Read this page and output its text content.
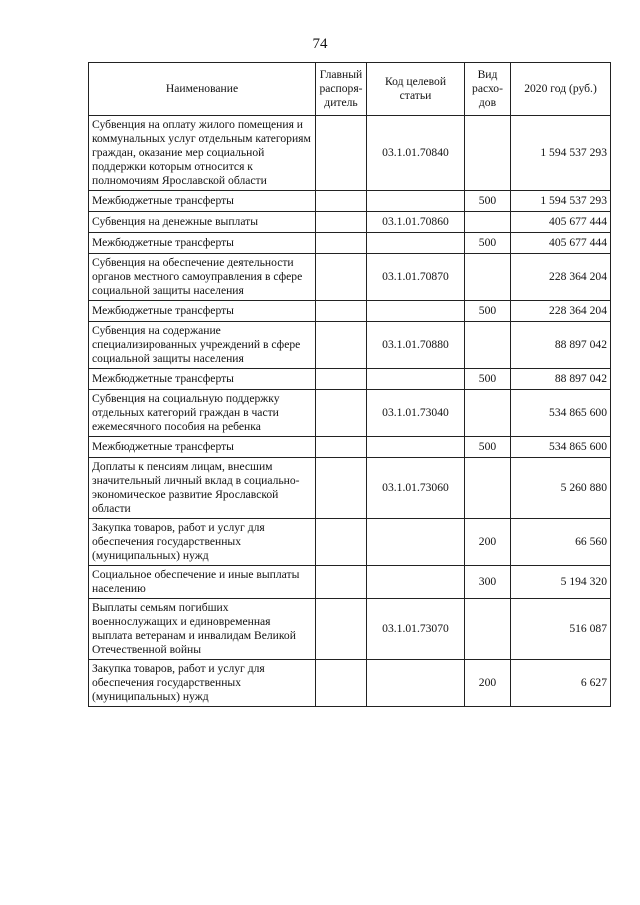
74
Наименование	Главный распоря-дитель	Код целевой статьи	Вид расхо-дов	2020 год (руб.)
Субвенция на оплату жилого помещения и коммунальных услуг отдельным категориям граждан, оказание мер социальной поддержки которым относится к полномочиям Ярославской области		03.1.01.70840		1 594 537 293
Межбюджетные трансферты			500	1 594 537 293
Субвенция на денежные выплаты		03.1.01.70860		405 677 444
Межбюджетные трансферты			500	405 677 444
Субвенция на обеспечение деятельности органов местного самоуправления в сфере социальной защиты населения		03.1.01.70870		228 364 204
Межбюджетные трансферты			500	228 364 204
Субвенция на содержание специализированных учреждений в сфере социальной защиты населения		03.1.01.70880		88 897 042
Межбюджетные трансферты			500	88 897 042
Субвенция на социальную поддержку отдельных категорий граждан в части ежемесячного пособия на ребенка		03.1.01.73040		534 865 600
Межбюджетные трансферты			500	534 865 600
Доплаты к пенсиям лицам, внесшим значительный личный вклад в социально-экономическое развитие Ярославской области		03.1.01.73060		5 260 880
Закупка товаров, работ и услуг для обеспечения государственных (муниципальных) нужд			200	66 560
Социальное обеспечение и иные выплаты населению			300	5 194 320
Выплаты семьям погибших военнослужащих и единовременная выплата ветеранам и инвалидам Великой Отечественной войны		03.1.01.73070		516 087
Закупка товаров, работ и услуг для обеспечения государственных (муниципальных) нужд			200	6 627
